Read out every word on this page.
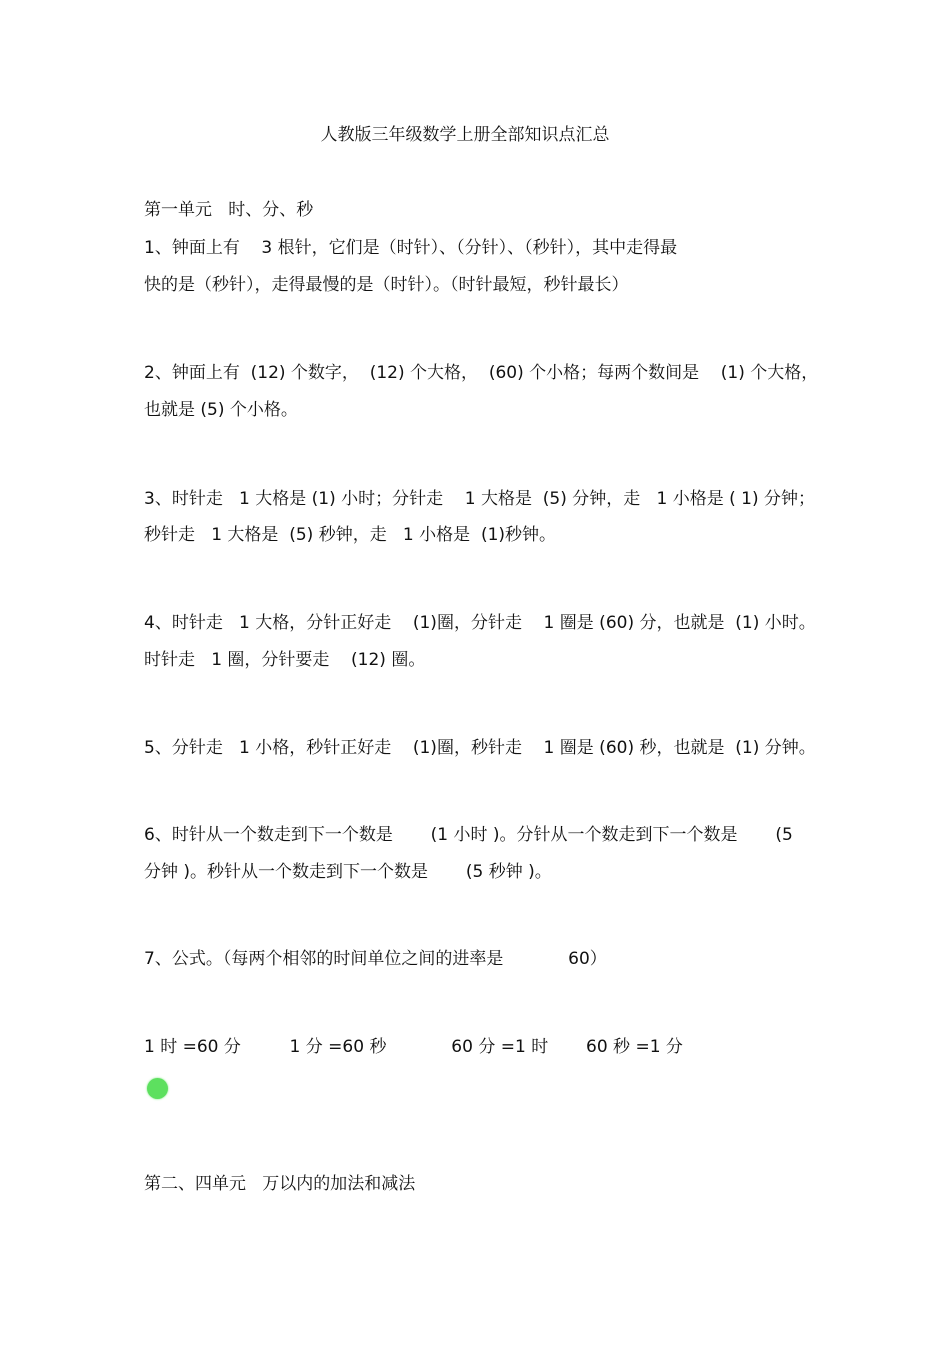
人教版三年级数学上册全部知识点汇总
第一单元   时、分、秒
1、钟面上有    3 根针，它们是（时针）、（分针）、（秒针），其中走得最
快的是（秒针），走得最慢的是（时针）。（时针最短，秒针最长）
2、钟面上有  (12) 个数字，  (12) 个大格，  (60) 个小格；每两个数间是    (1) 个大格，
也就是 (5) 个小格。
3、时针走   1 大格是 (1) 小时；分针走    1 大格是  (5) 分钟，走   1 小格是 ( 1) 分钟；
秒针走   1 大格是  (5) 秒钟，走   1 小格是  (1)秒钟。
4、时针走   1 大格，分针正好走    (1)圈，分针走    1 圈是 (60) 分，也就是  (1) 小时。
时针走   1 圈，分针要走    (12) 圈。
5、分针走   1 小格，秒针正好走    (1)圈，秒针走    1 圈是 (60) 秒，也就是  (1) 分钟。
6、时针从一个数走到下一个数是       (1 小时 )。分针从一个数走到下一个数是       (5
分钟 )。秒针从一个数走到下一个数是       (5 秒钟 )。
7、公式。（每两个相邻的时间单位之间的进率是            60）
1 时 =60 分         1 分 =60 秒            60 分 =1 时       60 秒 =1 分
第二、四单元   万以内的加法和减法
